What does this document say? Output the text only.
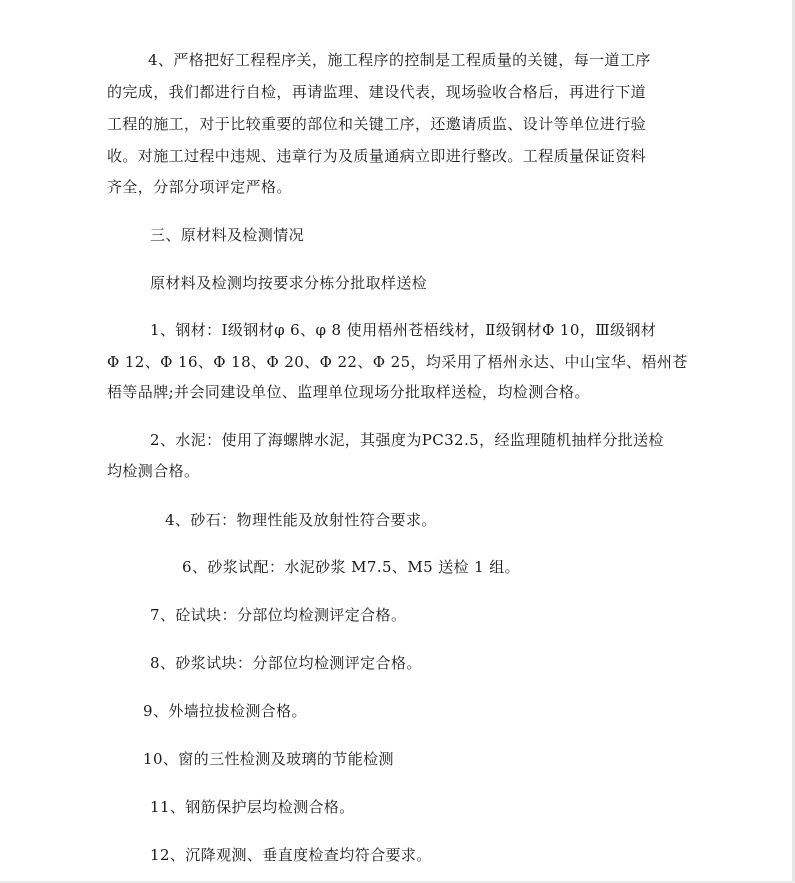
4、严格把好工程程序关，施工程序的控制是工程质量的关键，每一道工序
的完成，我们都进行自检，再请监理、建设代表，现场验收合格后，再进行下道
工程的施工，对于比较重要的部位和关键工序，还邀请质监、设计等单位进行验
收。对施工过程中违规、违章行为及质量通病立即进行整改。工程质量保证资料
齐全，分部分项评定严格。
三、原材料及检测情况
原材料及检测均按要求分栋分批取样送检
1、钢材：Ⅰ级钢材φ 6、φ 8 使用梧州苍梧线材，Ⅱ级钢材Φ 10，Ⅲ级钢材
Φ 12、Φ 16、Φ 18、Φ 20、Φ 22、Φ 25，均采用了梧州永达、中山宝华、梧州苍
梧等品牌;并会同建设单位、监理单位现场分批取样送检，均检测合格。
2、水泥：使用了海螺牌水泥，其强度为PC32.5，经监理随机抽样分批送检
均检测合格。
4、砂石：物理性能及放射性符合要求。
6、砂浆试配：水泥砂浆 M7.5、M5 送检 1 组。
7、砼试块：分部位均检测评定合格。
8、砂浆试块：分部位均检测评定合格。
9、外墙拉拔检测合格。
10、窗的三性检测及玻璃的节能检测
11、钢筋保护层均检测合格。
12、沉降观测、垂直度检查均符合要求。
